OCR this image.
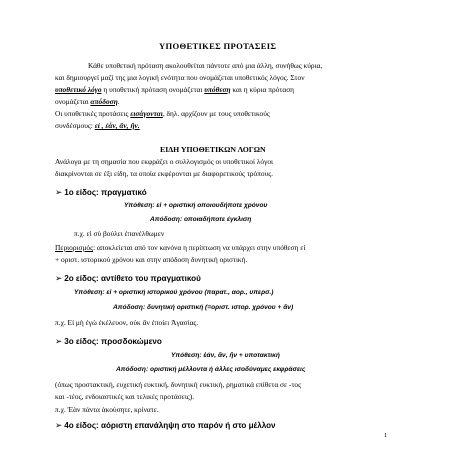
ΥΠΟΘΕΤΙΚΕΣ ΠΡΟΤΑΣΕΙΣ
Κάθε υποθετική πρόταση ακολουθείται πάντοτε από μια άλλη, συνήθως κύρια,
και δημιουργεί μαζί της μια λογική ενότητα που ονομάζεται υποθετικός λόγος. Στον
υποθετικό λόγο η υποθετική πρόταση ονομάζεται υπόθεση και η κύρια πρόταση
ονομάζεται απόδοση.
Οι υποθετικές προτάσεις εισάγονται, δηλ. αρχίζουν με τους υποθετικούς
συνδέσμους: εἰ , ἐάν, ἄν, ἤν.
ΕΙΔΗ ΥΠΟΘΕΤΙΚΩΝ ΛΟΓΩΝ
Ανάλογα με τη σημασία που εκφράζει ο συλλογισμός οι υποθετικοί λόγοι
διακρίνονται σε έξι είδη, τα οποία εκφέρονται με διαφορετικούς τρόπους.
➢ 1ο είδος: πραγματικό
Υπόθεση: εἰ + οριστική οποιουδήποτε χρόνου
Απόδοση: οποιαδήποτε έγκλιση
π.χ. εἰ σὺ βούλει ἐπανέλθωμεν
Περιορισμός: αποκλείεται από τον κανόνα η περίπτωση να υπάρχει στην υπόθεση εἰ
+ οριστ. ιστορικού χρόνου και στην απόδοση δυνητική οριστική.
➢ 2ο είδος: αντίθετο του πραγματικού
Υπόθεση: εἰ + οριστική ιστορικού χρόνου (παρατ., αορ., υπερσ.)
Απόδοση: δυνητική οριστική (=οριστ. ιστορ. χρόνου + ἄν)
π.χ. Εἰ μὴ ἐγὼ ἐκέλευον, οὐκ ἂν ἐποίει Ἀγασίας.
➢ 3ο είδος: προσδοκώμενο
Υπόθεση: ἐάν, ἄν, ἤν + υποτακτική
Απόδοση: οριστική μέλλοντα ή άλλες ισοδύναμες εκφράσεις
(όπως προστακτική, ευχετική ευκτική, δυνητική ευκτική, ρηματικά επίθετα σε -τος
και -τέος, ενδοιαστικές και τελικές προτάσεις).
π.χ. Ἐὰν πάντα ἀκούσητε, κρίνατε.
➢ 4ο είδος: αόριστη επανάληψη στο παρόν ή στο μέλλον
1
